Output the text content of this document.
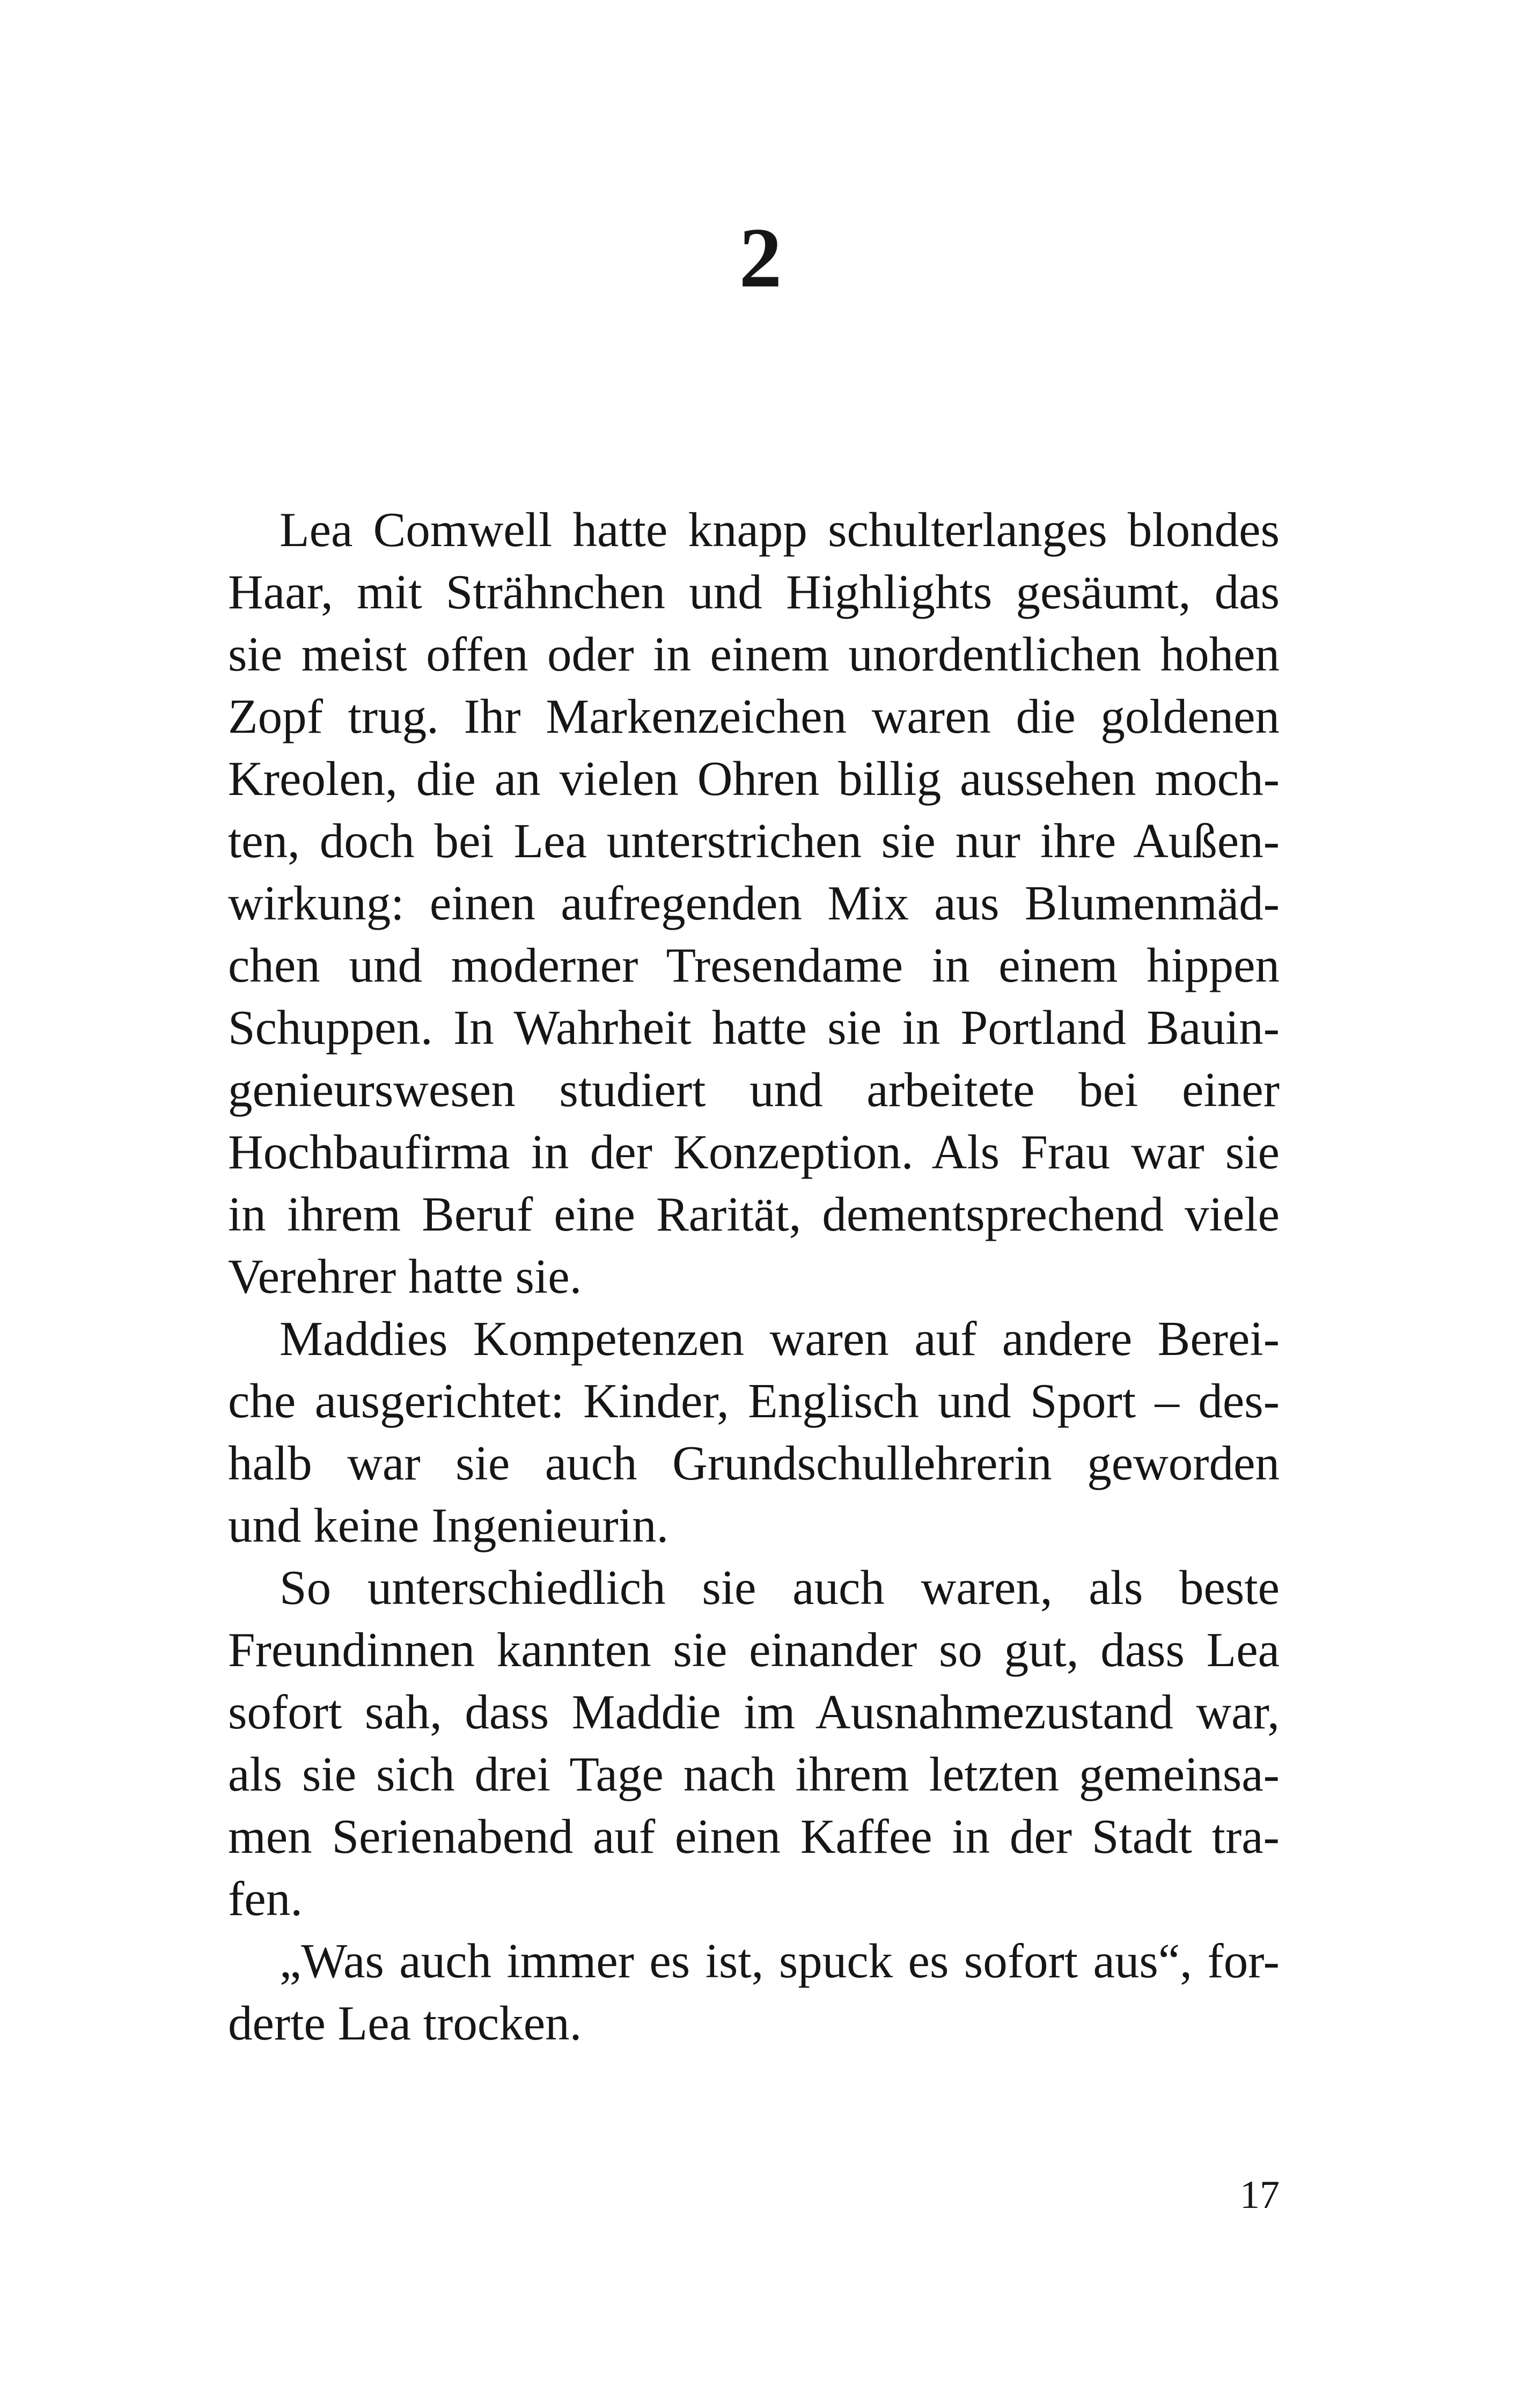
2
Lea Comwell hatte knapp schulterlanges blondes
Haar, mit Strähnchen und Highlights gesäumt, das
sie meist offen oder in einem unordentlichen hohen
Zopf trug. Ihr Markenzeichen waren die goldenen
Kreolen, die an vielen Ohren billig aussehen moch-
ten, doch bei Lea unterstrichen sie nur ihre Außen-
wirkung: einen aufregenden Mix aus Blumenmäd-
chen und moderner Tresendame in einem hippen
Schuppen. In Wahrheit hatte sie in Portland Bauin-
genieurswesen studiert und arbeitete bei einer
Hochbaufirma in der Konzeption. Als Frau war sie
in ihrem Beruf eine Rarität, dementsprechend viele
Verehrer hatte sie.
Maddies Kompetenzen waren auf andere Berei-
che ausgerichtet: Kinder, Englisch und Sport – des-
halb war sie auch Grundschullehrerin geworden
und keine Ingenieurin.
So unterschiedlich sie auch waren, als beste
Freundinnen kannten sie einander so gut, dass Lea
sofort sah, dass Maddie im Ausnahmezustand war,
als sie sich drei Tage nach ihrem letzten gemeinsa-
men Serienabend auf einen Kaffee in der Stadt tra-
fen.
„Was auch immer es ist, spuck es sofort aus“, for-
derte Lea trocken.
17
